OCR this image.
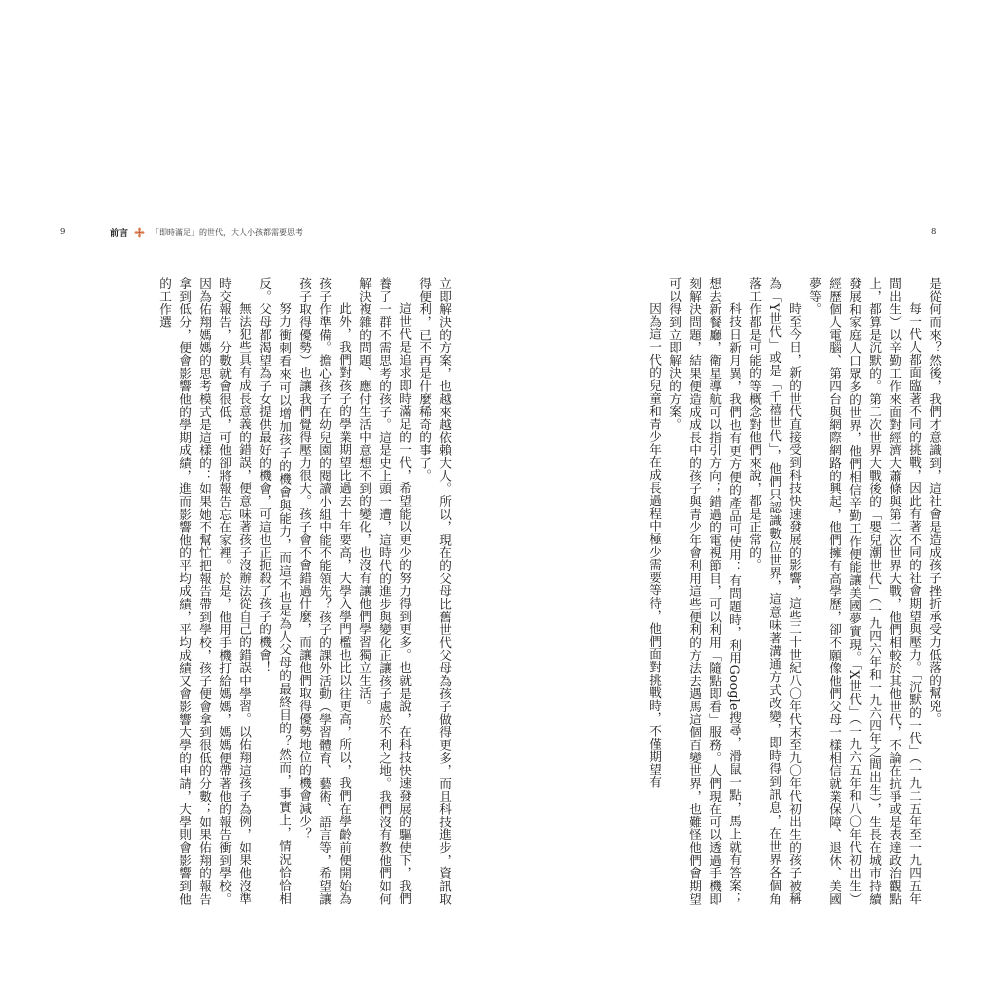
9	前言	「即時滿足」的世代，大人小孩都需要思考

立即解決的方案，也越來越依賴大人。所以，現在的父母比舊世代父母為孩子做得更多，而且科技進步，資訊取得便利，已不再是什麼稀奇的事了。

這世代是追求即時滿足的一代，希望能以更少的努力得到更多。也就是說，在科技快速發展的驅使下，我們養了一群不需思考的孩子。這是史上頭一遭，這時代的進步與變化正讓孩子處於不利之地。我們沒有教他們如何解決複雜的問題、應付生活中意想不到的變化，也沒有讓他們學習獨立生活。

此外，我們對孩子的學業期望比過去十年要高，大學入學門檻也比以往更高，所以，我們在學齡前便開始為孩子作準備。擔心孩子在幼兒園的閱讀小組中能不能領先？孩子的課外活動（學習體育、藝術、語言等，希望讓孩子取得優勢）也讓我們覺得壓力很大。孩子會不會錯過什麼，而讓他們取得優勢地位的機會減少？

努力衝刺看來可以增加孩子的機會與能力，而這不也是為人父母的最終目的？然而，事實上，情況恰恰相反。父母都渴望為子女提供最好的機會，可這也正扼殺了孩子的機會！

無法犯些具有成長意義的錯誤，便意味著孩子沒辦法從自己的錯誤中學習。以佑翔這孩子為例，如果他沒準時交報告，分數就會很低，可他卻將報告忘在家裡。於是，他用手機打給媽媽，媽媽便帶著他的報告衝到學校。因為佑翔媽媽的思考模式是這樣的：如果她不幫忙把報告帶到學校，孩子便會拿到很低的分數；如果佑翔的報告拿到低分，便會影響他的學期成績，進而影響他的平均成績，平均成績又會影響大學的申請，大學則會影響到他的工作選

8

是從何而來？然後，我們才意識到，這社會是造成孩子挫折承受力低落的幫兇。

每一代人都面臨著不同的挑戰，因此有著不同的社會期望與壓力。「沉默的一代」（一九二五年至一九四五年間出生）以辛勤工作來面對經濟大蕭條與第二次世界大戰，他們相較於其他世代，不論在抗爭或是表達政治觀點上，都算是沉默的。第二次世界大戰後的「嬰兒潮世代」（一九四六年和一九六四年之間出生），生長在城市持續發展和家庭人口眾多的世界，他們相信辛勤工作便能讓美國夢實現。「X世代」（一九六五年和八〇年代初出生）經歷個人電腦、第四台與網際網路的興起，他們擁有高學歷，卻不願像他們父母一樣相信就業保障、退休、美國夢等。

時至今日，新的世代直接受到科技快速發展的影響，這些二十世紀八〇年代末至九〇年代初出生的孩子被稱為「Y世代」或是「千禧世代」，他們只認識數位世界，這意味著溝通方式改變，即時得到訊息，在世界各個角落工作都是可能的等概念對他們來說，都是正常的。

科技日新月異，我們也有更方便的產品可使用：有問題時，利用Google搜尋，滑鼠一點，馬上就有答案；想去新餐廳，衛星導航可以指引方向；錯過的電視節目，可以利用「隨點即看」服務。人們現在可以透過手機即刻解決問題，結果便造成成長中的孩子與青少年會利用這些便利的方法去遇馬這個百變世界，也難怪他們會期望可以得到立即解決的方案。

因為這一代的兒童和青少年在成長過程中極少需要等待，他們面對挑戰時，不僅期望有
